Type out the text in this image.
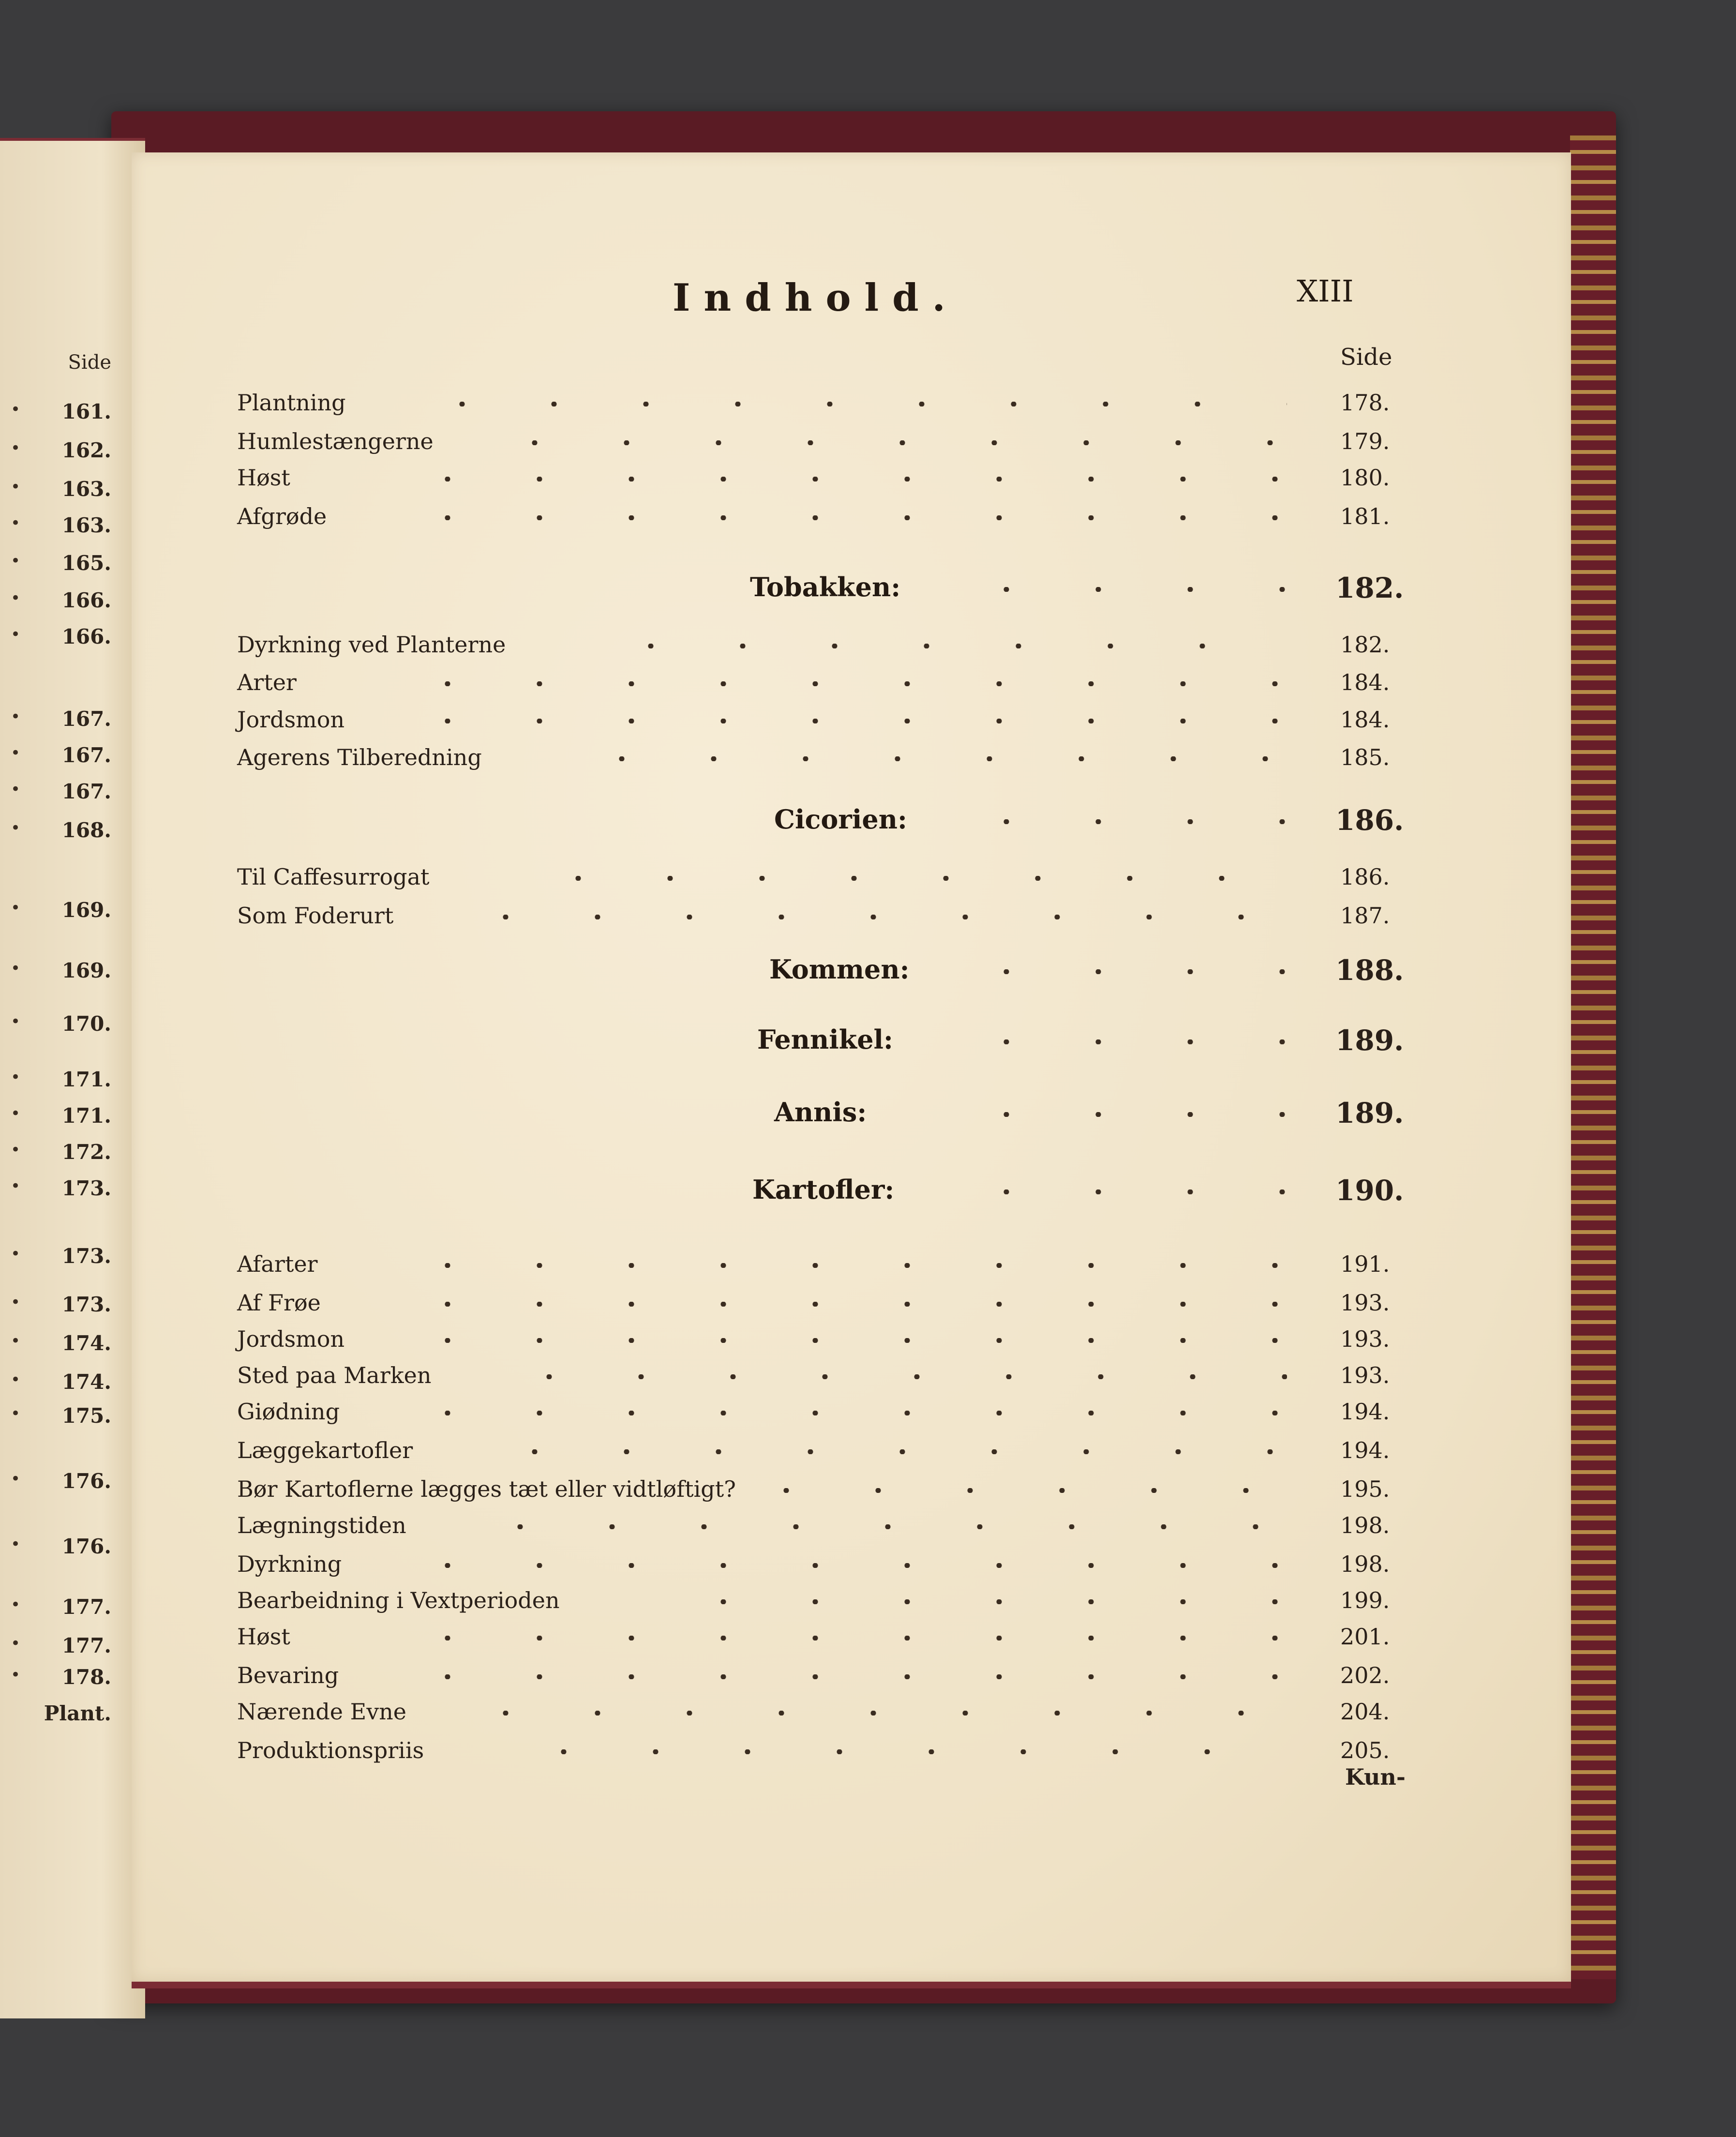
Side
161.
•
162.
•
163.
•
163.
•
165.
•
166.
•
166.
•
167.
•
167.
•
167.
•
168.
•
169.
•
169.
•
170.
•
171.
•
171.
•
172.
•
173.
•
173.
•
173.
•
174.
•
174.
•
175.
•
176.
•
176.
•
177.
•
177.
•
178.
•
Plant.
Indhold.	XIII
Side
Plantning	178.
Humlestængerne	179.
Høst	180.
Afgrøde	181.
Tobakken:	182.
Dyrkning ved Planterne	182.
Arter	184.
Jordsmon	184.
Agerens Tilberedning	185.
Cicorien:	186.
Til Caffesurrogat	186.
Som Foderurt	187.
Kommen:	188.
Fennikel:	189.
Annis:	189.
Kartofler:	190.
Afarter	191.
Af Frøe	193.
Jordsmon	193.
Sted paa Marken	193.
Giødning	194.
Læggekartofler	194.
Bør Kartoflerne lægges tæt eller vidtløftigt?	195.
Lægningstiden	198.
Dyrkning	198.
Bearbeidning i Vextperioden	199.
Høst	201.
Bevaring	202.
Nærende Evne	204.
Produktionspriis	205.
Kun-
